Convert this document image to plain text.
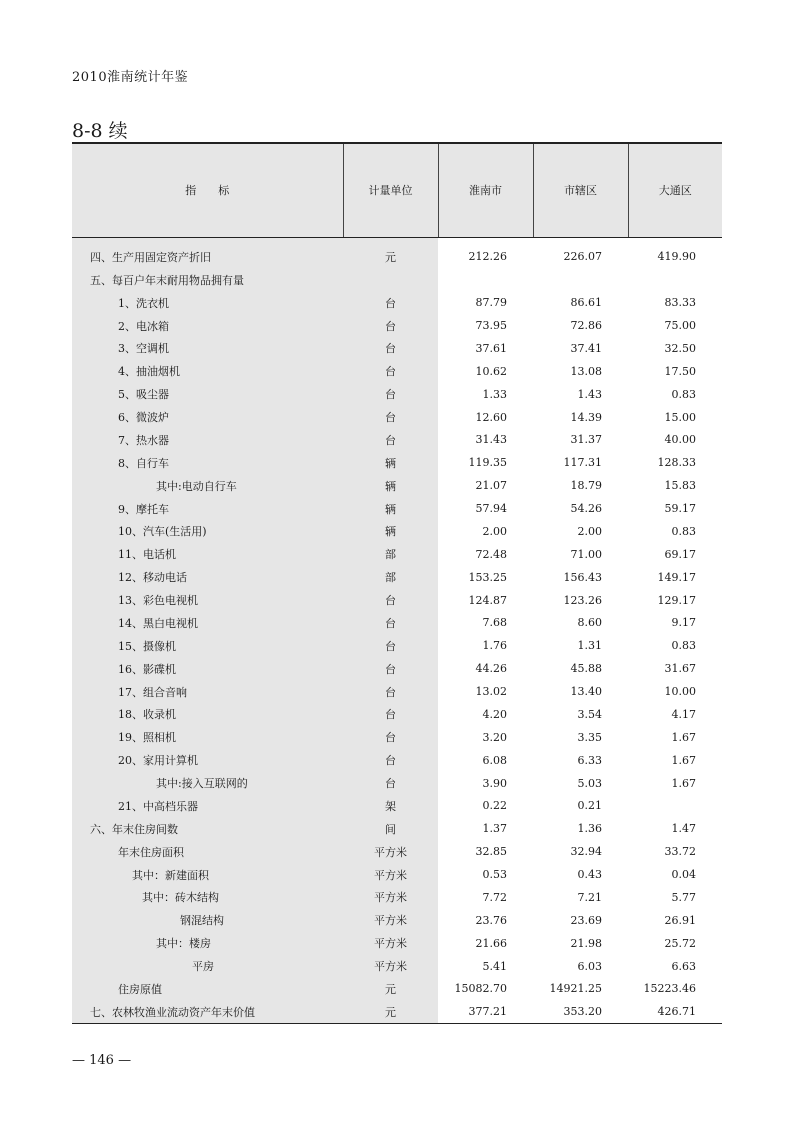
2010淮南统计年鉴
8-8 续
指　　标	计量单位	淮南市	市辖区	大通区
四、生产用固定资产折旧	元	212.26	226.07	419.90
五、每百户年末耐用物品拥有量				
1、洗衣机	台	87.79	86.61	83.33
2、电冰箱	台	73.95	72.86	75.00
3、空调机	台	37.61	37.41	32.50
4、抽油烟机	台	10.62	13.08	17.50
5、吸尘器	台	1.33	1.43	0.83
6、微波炉	台	12.60	14.39	15.00
7、热水器	台	31.43	31.37	40.00
8、自行车	辆	119.35	117.31	128.33
其中:电动自行车	辆	21.07	18.79	15.83
9、摩托车	辆	57.94	54.26	59.17
10、汽车(生活用)	辆	2.00	2.00	0.83
11、电话机	部	72.48	71.00	69.17
12、移动电话	部	153.25	156.43	149.17
13、彩色电视机	台	124.87	123.26	129.17
14、黑白电视机	台	7.68	8.60	9.17
15、摄像机	台	1.76	1.31	0.83
16、影碟机	台	44.26	45.88	31.67
17、组合音响	台	13.02	13.40	10.00
18、收录机	台	4.20	3.54	4.17
19、照相机	台	3.20	3.35	1.67
20、家用计算机	台	6.08	6.33	1.67
其中:接入互联网的	台	3.90	5.03	1.67
21、中高档乐器	架	0.22	0.21	
六、年末住房间数	间	1.37	1.36	1.47
年末住房面积	平方米	32.85	32.94	33.72
其中：新建面积	平方米	0.53	0.43	0.04
其中：砖木结构	平方米	7.72	7.21	5.77
钢混结构	平方米	23.76	23.69	26.91
其中：楼房	平方米	21.66	21.98	25.72
平房	平方米	5.41	6.03	6.63
住房原值	元	15082.70	14921.25	15223.46
七、农林牧渔业流动资产年末价值	元	377.21	353.20	426.71
— 146 —
